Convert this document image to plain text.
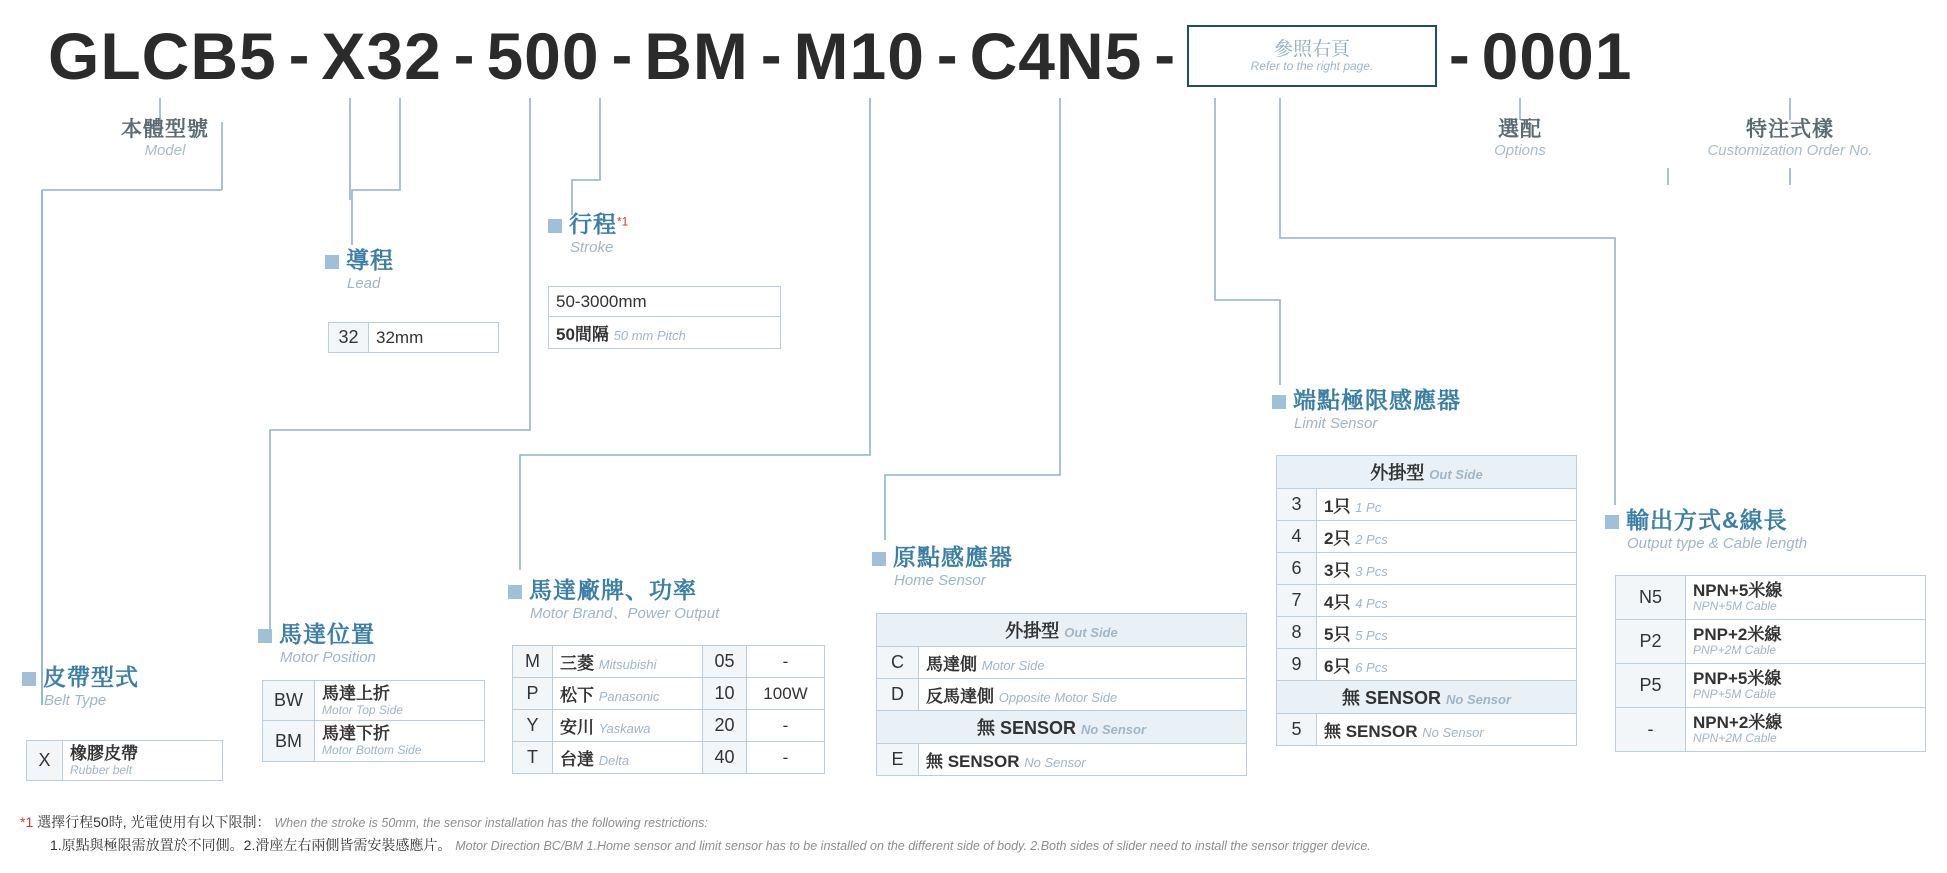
GLCB5 - X32 - 500 - BM - M10 - C4N5 -	參照右頁
Refer to the right page. - 0001
本體型號
Model
選配
Options
特注式樣
Customization Order No.
導程
Lead
32	32mm
行程$^{*1}$
Stroke
50-3000mm
50間隔 50 mm Pitch
皮帶型式
Belt Type
X	橡膠皮帶
Rubber belt
馬達位置
Motor Position
BW	馬達上折
Motor Top Side

BM	馬達下折
Motor Bottom Side
馬達廠牌、功率
Motor Brand、Power Output
M	三菱 Mitsubishi	05	-
P	松下 Panasonic	10	100W
Y	安川 Yaskawa	20	-
T	台達 Delta	40	-
原點感應器
Home Sensor
外掛型 Out Side	
C	馬達側 Motor Side
D	反馬達側 Opposite Motor Side
無 SENSOR No Sensor	
E	無 SENSOR No Sensor
端點極限感應器
Limit Sensor
外掛型 Out Side	
3	1只 1 Pc
4	2只 2 Pcs
6	3只 3 Pcs
7	4只 4 Pcs
8	5只 5 Pcs
9	6只 6 Pcs
無 SENSOR No Sensor	
5	無 SENSOR No Sensor
輸出方式&線長
Output type & Cable length
N5	NPN+5米線
NPN+5M Cable

P2	PNP+2米線
PNP+2M Cable

P5	PNP+5米線
PNP+5M Cable

-	NPN+2米線
NPN+2M Cable
*1 選擇行程50時, 光電使用有以下限制： When the stroke is 50mm, the sensor installation has the following restrictions:
1.原點與極限需放置於不同側。2.滑座左右兩側皆需安裝感應片。 Motor Direction BC/BM 1.Home sensor and limit sensor has to be installed on the different side of body. 2.Both sides of slider need to install the sensor trigger device.
